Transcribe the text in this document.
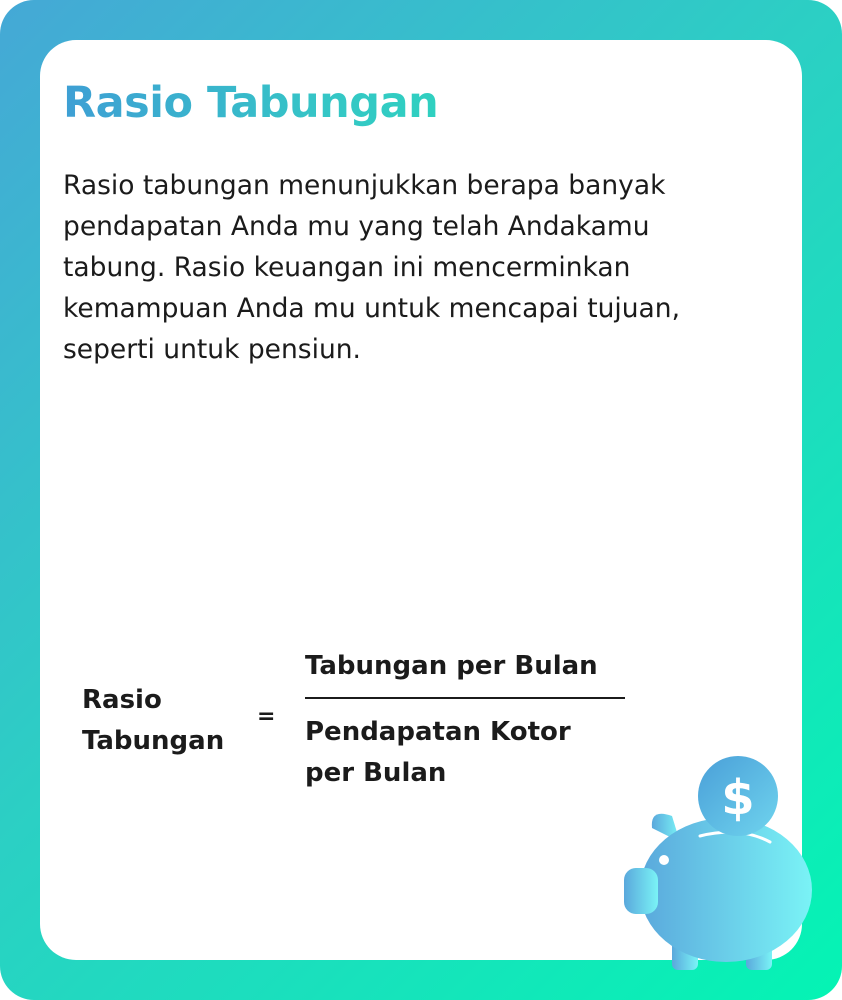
Rasio Tabungan

Rasio tabungan menunjukkan berapa banyak pendapatan Anda mu yang telah Andakamu tabung. Rasio keuangan ini mencerminkan kemampuan Anda mu untuk mencapai tujuan, seperti untuk pensiun.

Rasio Tabungan
=
Tabungan per Bulan
Pendapatan Kotor per Bulan	$
